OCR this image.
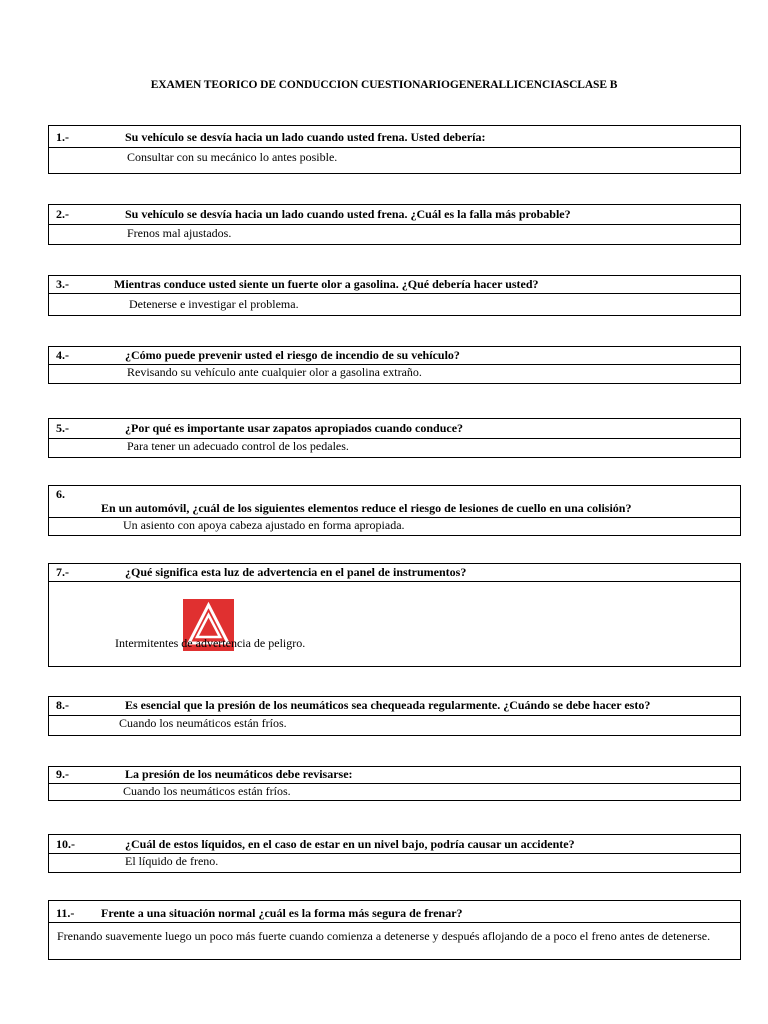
EXAMEN TEORICO DE CONDUCCION CUESTIONARIOGENERALLICENCIASCLASE B
1.-	Su vehículo se desvía hacia un lado cuando usted frena. Usted debería:
Consultar con su mecánico lo antes posible.
2.-	Su vehículo se desvía hacia un lado cuando usted frena. ¿Cuál es la falla más probable?
Frenos mal ajustados.
3.-	Mientras conduce usted siente un fuerte olor a gasolina. ¿Qué debería hacer usted?
Detenerse e investigar el problema.
4.-	¿Cómo puede prevenir usted el riesgo de incendio de su vehículo?
Revisando su vehículo ante cualquier olor a gasolina extraño.
5.-	¿Por qué es importante usar zapatos apropiados cuando conduce?
Para tener un adecuado control de los pedales.
6.
En un automóvil, ¿cuál de los siguientes elementos reduce el riesgo de lesiones de cuello en una colisión?
Un asiento con apoya cabeza ajustado en forma apropiada.
7.-	¿Qué significa esta luz de advertencia en el panel de instrumentos?
Intermitentes de advertencia de peligro.
8.-	Es esencial que la presión de los neumáticos sea chequeada regularmente. ¿Cuándo se debe hacer esto?
Cuando los neumáticos están fríos.
9.-	La presión de los neumáticos debe revisarse:
Cuando los neumáticos están fríos.
10.-	¿Cuál de estos líquidos, en el caso de estar en un nivel bajo, podría causar un accidente?
El líquido de freno.
11.- Frente a una situación normal ¿cuál es la forma más segura de frenar?
Frenando suavemente luego un poco más fuerte cuando comienza a detenerse y después aflojando de a poco el freno antes de detenerse.
